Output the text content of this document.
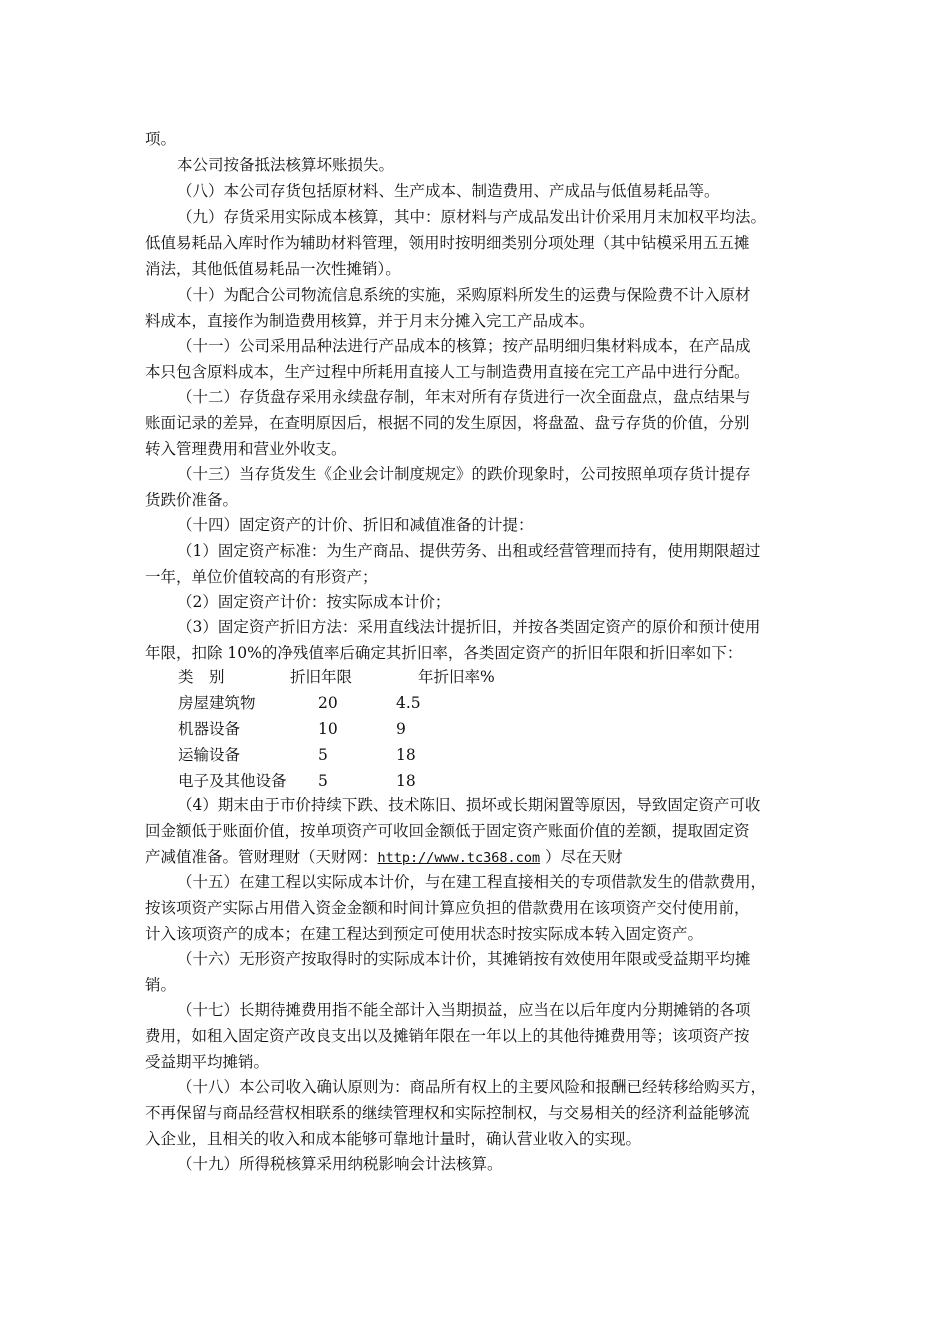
项。
本公司按备抵法核算坏账损失。
（八）本公司存货包括原材料、生产成本、制造费用、产成品与低值易耗品等。
（九）存货采用实际成本核算，其中：原材料与产成品发出计价采用月末加权平均法。
低值易耗品入库时作为辅助材料管理，领用时按明细类别分项处理（其中钻模采用五五摊
消法，其他低值易耗品一次性摊销）。
（十）为配合公司物流信息系统的实施，采购原料所发生的运费与保险费不计入原材
料成本，直接作为制造费用核算，并于月末分摊入完工产品成本。
（十一）公司采用品种法进行产品成本的核算；按产品明细归集材料成本，在产品成
本只包含原料成本，生产过程中所耗用直接人工与制造费用直接在完工产品中进行分配。
（十二）存货盘存采用永续盘存制，年末对所有存货进行一次全面盘点，盘点结果与
账面记录的差异，在查明原因后，根据不同的发生原因，将盘盈、盘亏存货的价值，分别
转入管理费用和营业外收支。
（十三）当存货发生《企业会计制度规定》的跌价现象时，公司按照单项存货计提存
货跌价准备。
（十四）固定资产的计价、折旧和减值准备的计提：
（1）固定资产标准：为生产商品、提供劳务、出租或经营管理而持有，使用期限超过
一年，单位价值较高的有形资产；
（2）固定资产计价：按实际成本计价；
（3）固定资产折旧方法：采用直线法计提折旧，并按各类固定资产的原价和预计使用
年限，扣除 10%的净残值率后确定其折旧率，各类固定资产的折旧年限和折旧率如下：
类　别	折旧年限	年折旧率%
房屋建筑物	20	4.5
机器设备	10	9
运输设备	5	18
电子及其他设备 5	18
（4）期末由于市价持续下跌、技术陈旧、损坏或长期闲置等原因，导致固定资产可收
回金额低于账面价值，按单项资产可收回金额低于固定资产账面价值的差额，提取固定资
产减值准备。管财理财（天财网：http://www.tc368.com ）尽在天财
（十五）在建工程以实际成本计价，与在建工程直接相关的专项借款发生的借款费用，
按该项资产实际占用借入资金金额和时间计算应负担的借款费用在该项资产交付使用前，
计入该项资产的成本；在建工程达到预定可使用状态时按实际成本转入固定资产。
（十六）无形资产按取得时的实际成本计价，其摊销按有效使用年限或受益期平均摊
销。
（十七）长期待摊费用指不能全部计入当期损益，应当在以后年度内分期摊销的各项
费用，如租入固定资产改良支出以及摊销年限在一年以上的其他待摊费用等；该项资产按
受益期平均摊销。
（十八）本公司收入确认原则为：商品所有权上的主要风险和报酬已经转移给购买方，
不再保留与商品经营权相联系的继续管理权和实际控制权，与交易相关的经济利益能够流
入企业，且相关的收入和成本能够可靠地计量时，确认营业收入的实现。
（十九）所得税核算采用纳税影响会计法核算。
